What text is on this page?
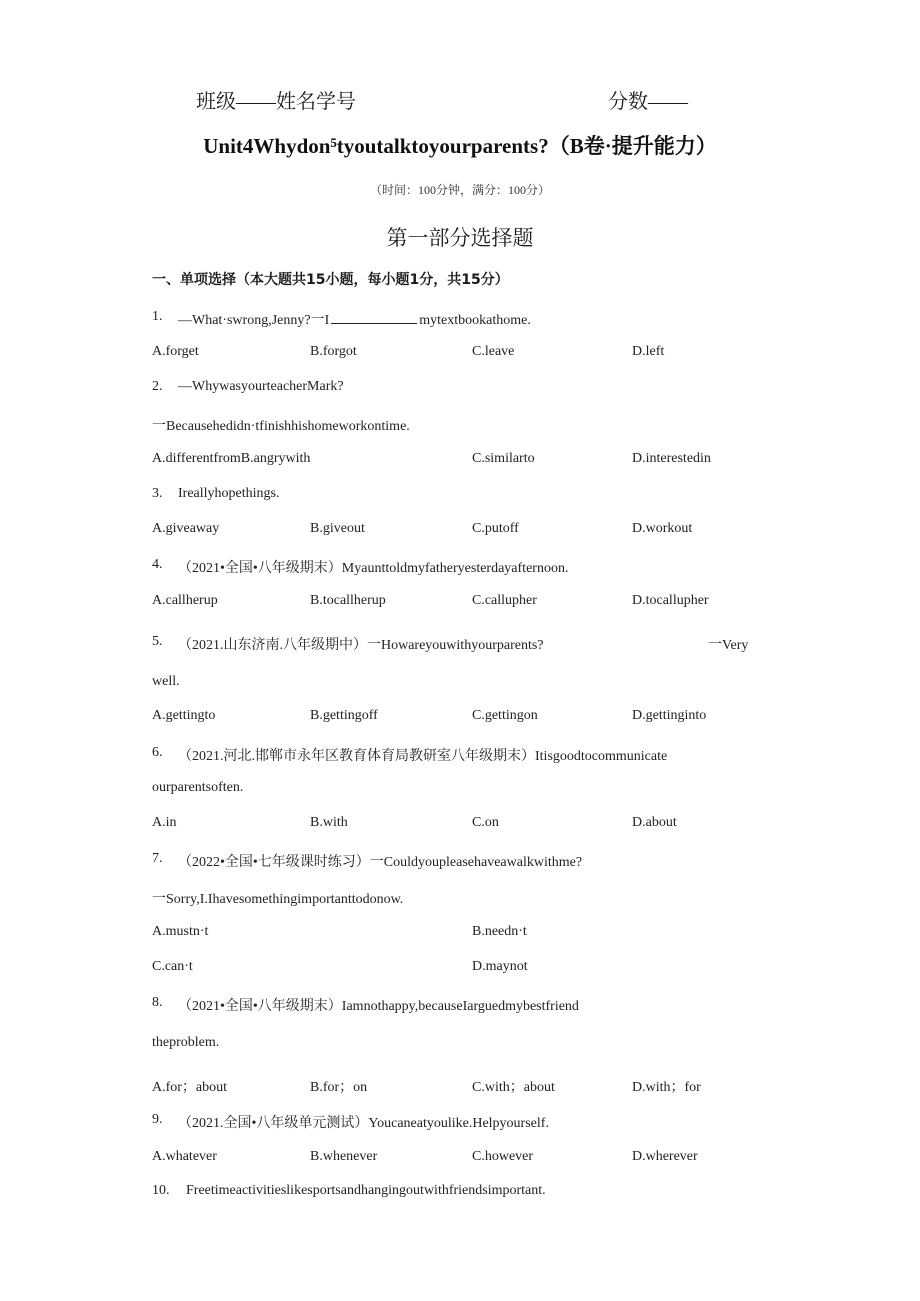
班级——姓名学号	分数——
Unit4Whydon⁵tyoutalktoyourparents?（B卷·提升能力）
（时间：100分钟，满分：100分）
第一部分选择题
一、单项选择（本大题共15小题，每小题1分，共15分）
1. —What·swrong,Jenny?一I	mytextbookathome.
A.forget	B.forgot	C.leave	D.left
2. —WhywasyourteacherMark?
一Becausehedidn·tfinishhishomeworkontime.
A.differentfromB.angrywith	C.similarto	D.interestedin
3. Ireallyhopethings.
A.giveaway	B.giveout	C.putoff	D.workout
4. （2021•全国•八年级期末）Myaunttoldmyfatheryesterdayafternoon.
A.callherup	B.tocallherup	C.callupher	D.tocallupher
5. （2021.山东济南.八年级期中）一Howareyouwithyourparents?	一Very
well.
A.gettingto	B.gettingoff	C.gettingon	D.gettinginto
6. （2021.河北.邯郸市永年区教育体育局教研室八年级期末）Itisgoodtocommunicate
ourparentsoften.
A.in	B.with	C.on	D.about
7. （2022•全国•七年级课时练习）一Couldyoupleasehaveawalkwithme?
一Sorry,I.Ihavesomethingimportanttodonow.
A.mustn·t	B.needn·t
C.can·t	D.maynot
8. （2021•全国•八年级期末）Iamnothappy,becauseIarguedmybestfriend
theproblem.
A.for；about	B.for；on	C.with；about	D.with；for
9. （2021.全国•八年级单元测试）Youcaneatyoulike.Helpyourself.
A.whatever	B.whenever	C.however	D.wherever
10. Freetimeactivitieslikesportsandhangingoutwithfriendsimportant.
